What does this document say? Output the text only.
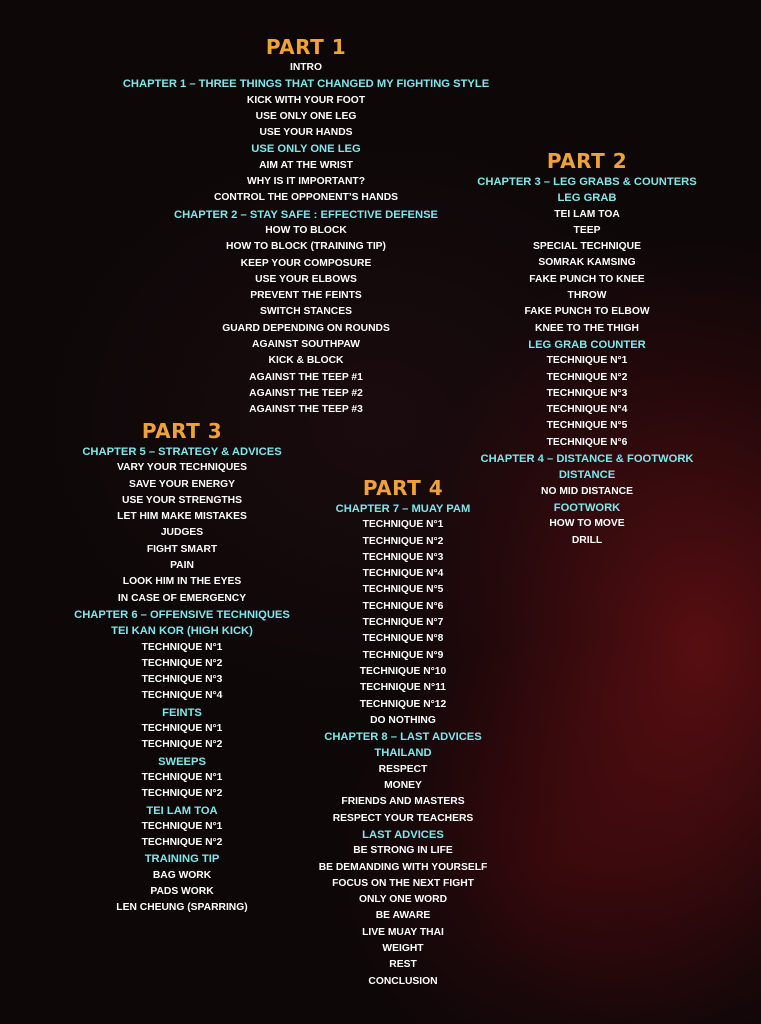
PART 1
INTRO
CHAPTER 1 – THREE THINGS THAT CHANGED MY FIGHTING STYLE
KICK WITH YOUR FOOT
USE ONLY ONE LEG
USE YOUR HANDS
USE ONLY ONE LEG
AIM AT THE WRIST
WHY IS IT IMPORTANT?
CONTROL THE OPPONENT’S HANDS
CHAPTER 2 – STAY SAFE : EFFECTIVE DEFENSE
HOW TO BLOCK
HOW TO BLOCK (TRAINING TIP)
KEEP YOUR COMPOSURE
USE YOUR ELBOWS
PREVENT THE FEINTS
SWITCH STANCES
GUARD DEPENDING ON ROUNDS
AGAINST SOUTHPAW
KICK & BLOCK
AGAINST THE TEEP #1
AGAINST THE TEEP #2
AGAINST THE TEEP #3
PART 2
CHAPTER 3 – LEG GRABS & COUNTERS
LEG GRAB
TEI LAM TOA
TEEP
SPECIAL TECHNIQUE
SOMRAK KAMSING
FAKE PUNCH TO KNEE
THROW
FAKE PUNCH TO ELBOW
KNEE TO THE THIGH
LEG GRAB COUNTER
TECHNIQUE N°1
TECHNIQUE N°2
TECHNIQUE N°3
TECHNIQUE N°4
TECHNIQUE N°5
TECHNIQUE N°6
CHAPTER 4 – DISTANCE & FOOTWORK
DISTANCE
NO MID DISTANCE
FOOTWORK
HOW TO MOVE
DRILL
PART 3
CHAPTER 5 – STRATEGY & ADVICES
VARY YOUR TECHNIQUES
SAVE YOUR ENERGY
USE YOUR STRENGTHS
LET HIM MAKE MISTAKES
JUDGES
FIGHT SMART
PAIN
LOOK HIM IN THE EYES
IN CASE OF EMERGENCY
CHAPTER 6 – OFFENSIVE TECHNIQUES
TEI KAN KOR (HIGH KICK)
TECHNIQUE N°1
TECHNIQUE N°2
TECHNIQUE N°3
TECHNIQUE N°4
FEINTS
TECHNIQUE N°1
TECHNIQUE N°2
SWEEPS
TECHNIQUE N°1
TECHNIQUE N°2
TEI LAM TOA
TECHNIQUE N°1
TECHNIQUE N°2
TRAINING TIP
BAG WORK
PADS WORK
LEN CHEUNG (SPARRING)
PART 4
CHAPTER 7 – MUAY PAM
TECHNIQUE N°1
TECHNIQUE N°2
TECHNIQUE N°3
TECHNIQUE N°4
TECHNIQUE N°5
TECHNIQUE N°6
TECHNIQUE N°7
TECHNIQUE N°8
TECHNIQUE N°9
TECHNIQUE N°10
TECHNIQUE N°11
TECHNIQUE N°12
DO NOTHING
CHAPTER 8 – LAST ADVICES
THAILAND
RESPECT
MONEY
FRIENDS AND MASTERS
RESPECT YOUR TEACHERS
LAST ADVICES
BE STRONG IN LIFE
BE DEMANDING WITH YOURSELF
FOCUS ON THE NEXT FIGHT
ONLY ONE WORD
BE AWARE
LIVE MUAY THAI
WEIGHT
REST
CONCLUSION
